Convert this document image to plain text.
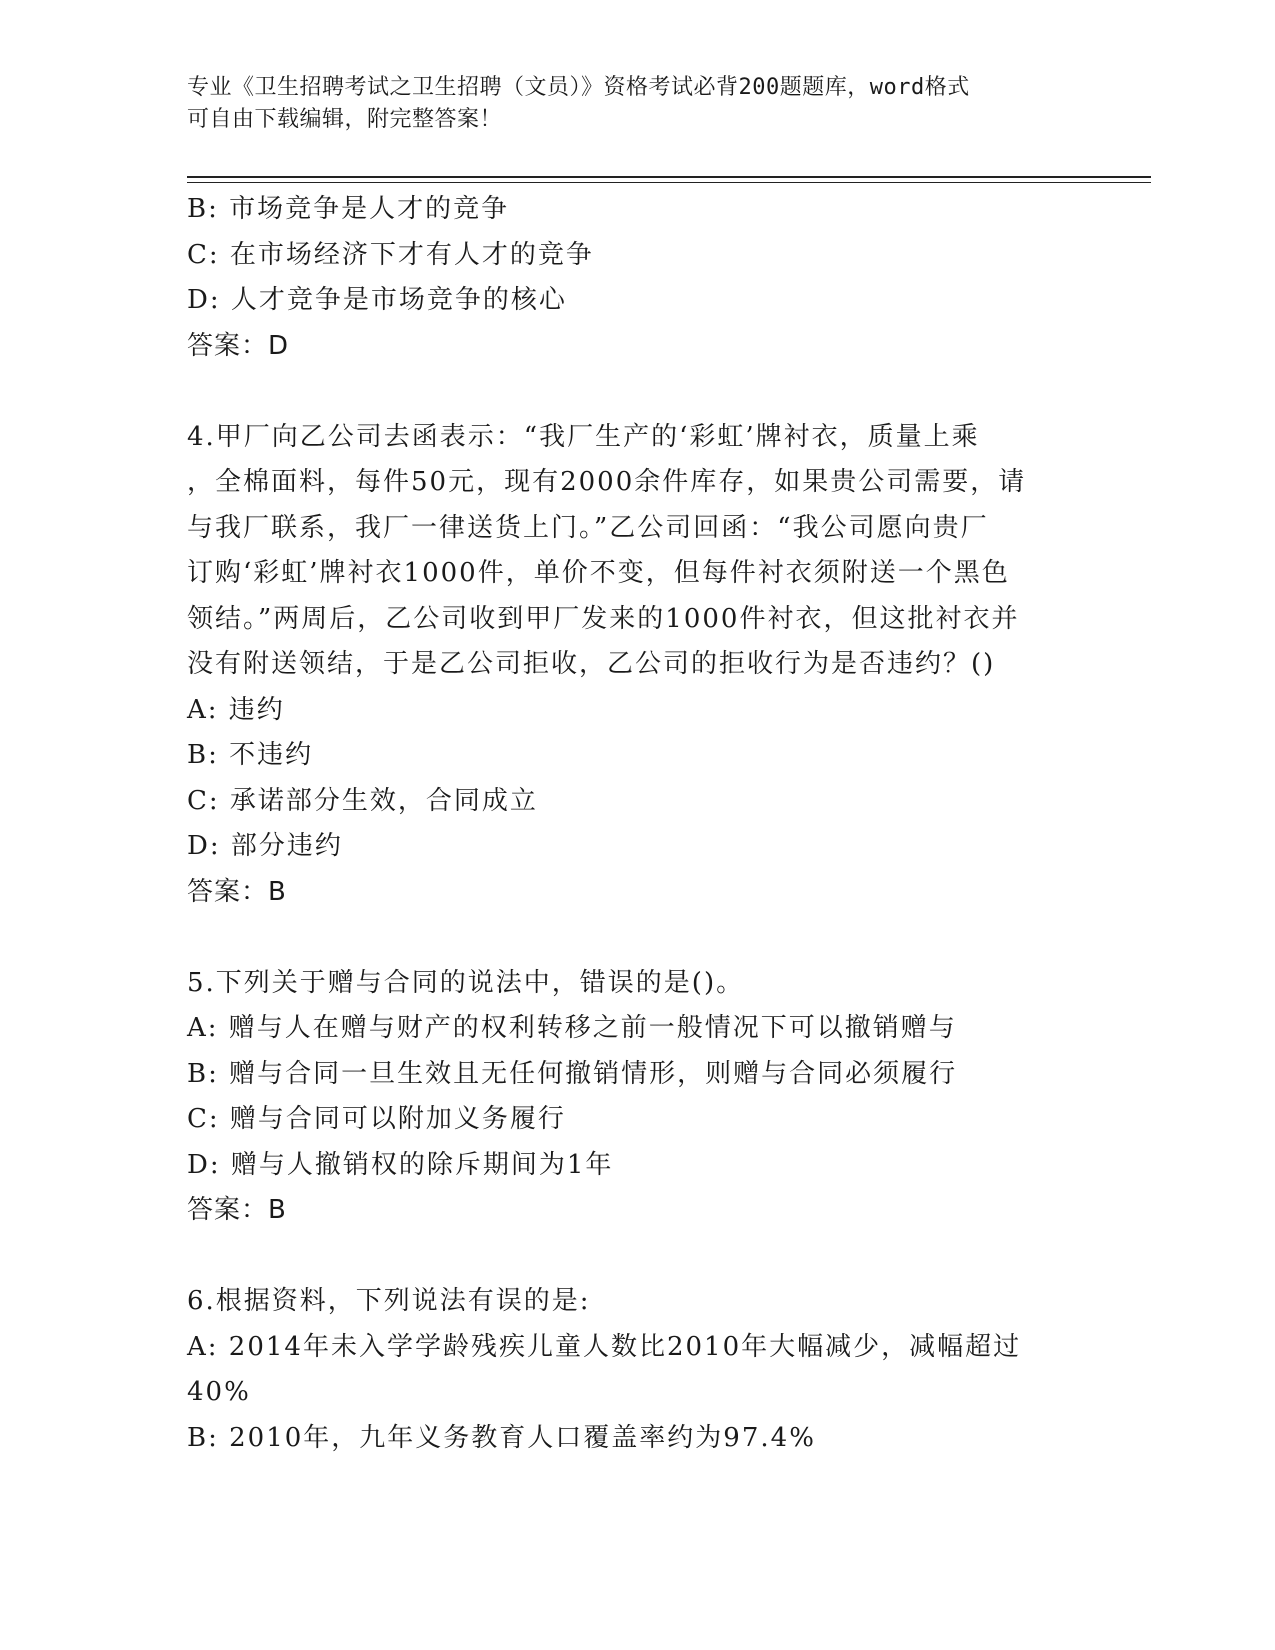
专业《卫生招聘考试之卫生招聘（文员）》资格考试必背200题题库，word格式
可自由下载编辑，附完整答案！
B: 市场竞争是人才的竞争
C: 在市场经济下才有人才的竞争
D: 人才竞争是市场竞争的核心
答案：D
4.甲厂向乙公司去函表示：“我厂生产的‘彩虹’牌衬衣，质量上乘
，全棉面料，每件50元，现有2000余件库存，如果贵公司需要，请
与我厂联系，我厂一律送货上门。”乙公司回函：“我公司愿向贵厂
订购‘彩虹’牌衬衣1000件，单价不变，但每件衬衣须附送一个黑色
领结。”两周后，乙公司收到甲厂发来的1000件衬衣，但这批衬衣并
没有附送领结，于是乙公司拒收，乙公司的拒收行为是否违约？()
A: 违约
B: 不违约
C: 承诺部分生效，合同成立
D: 部分违约
答案：B
5.下列关于赠与合同的说法中，错误的是()。
A: 赠与人在赠与财产的权利转移之前一般情况下可以撤销赠与
B: 赠与合同一旦生效且无任何撤销情形，则赠与合同必须履行
C: 赠与合同可以附加义务履行
D: 赠与人撤销权的除斥期间为1年
答案：B
6.根据资料，下列说法有误的是:
A: 2014年未入学学龄残疾儿童人数比2010年大幅减少，减幅超过
40%
B: 2010年，九年义务教育人口覆盖率约为97.4%
